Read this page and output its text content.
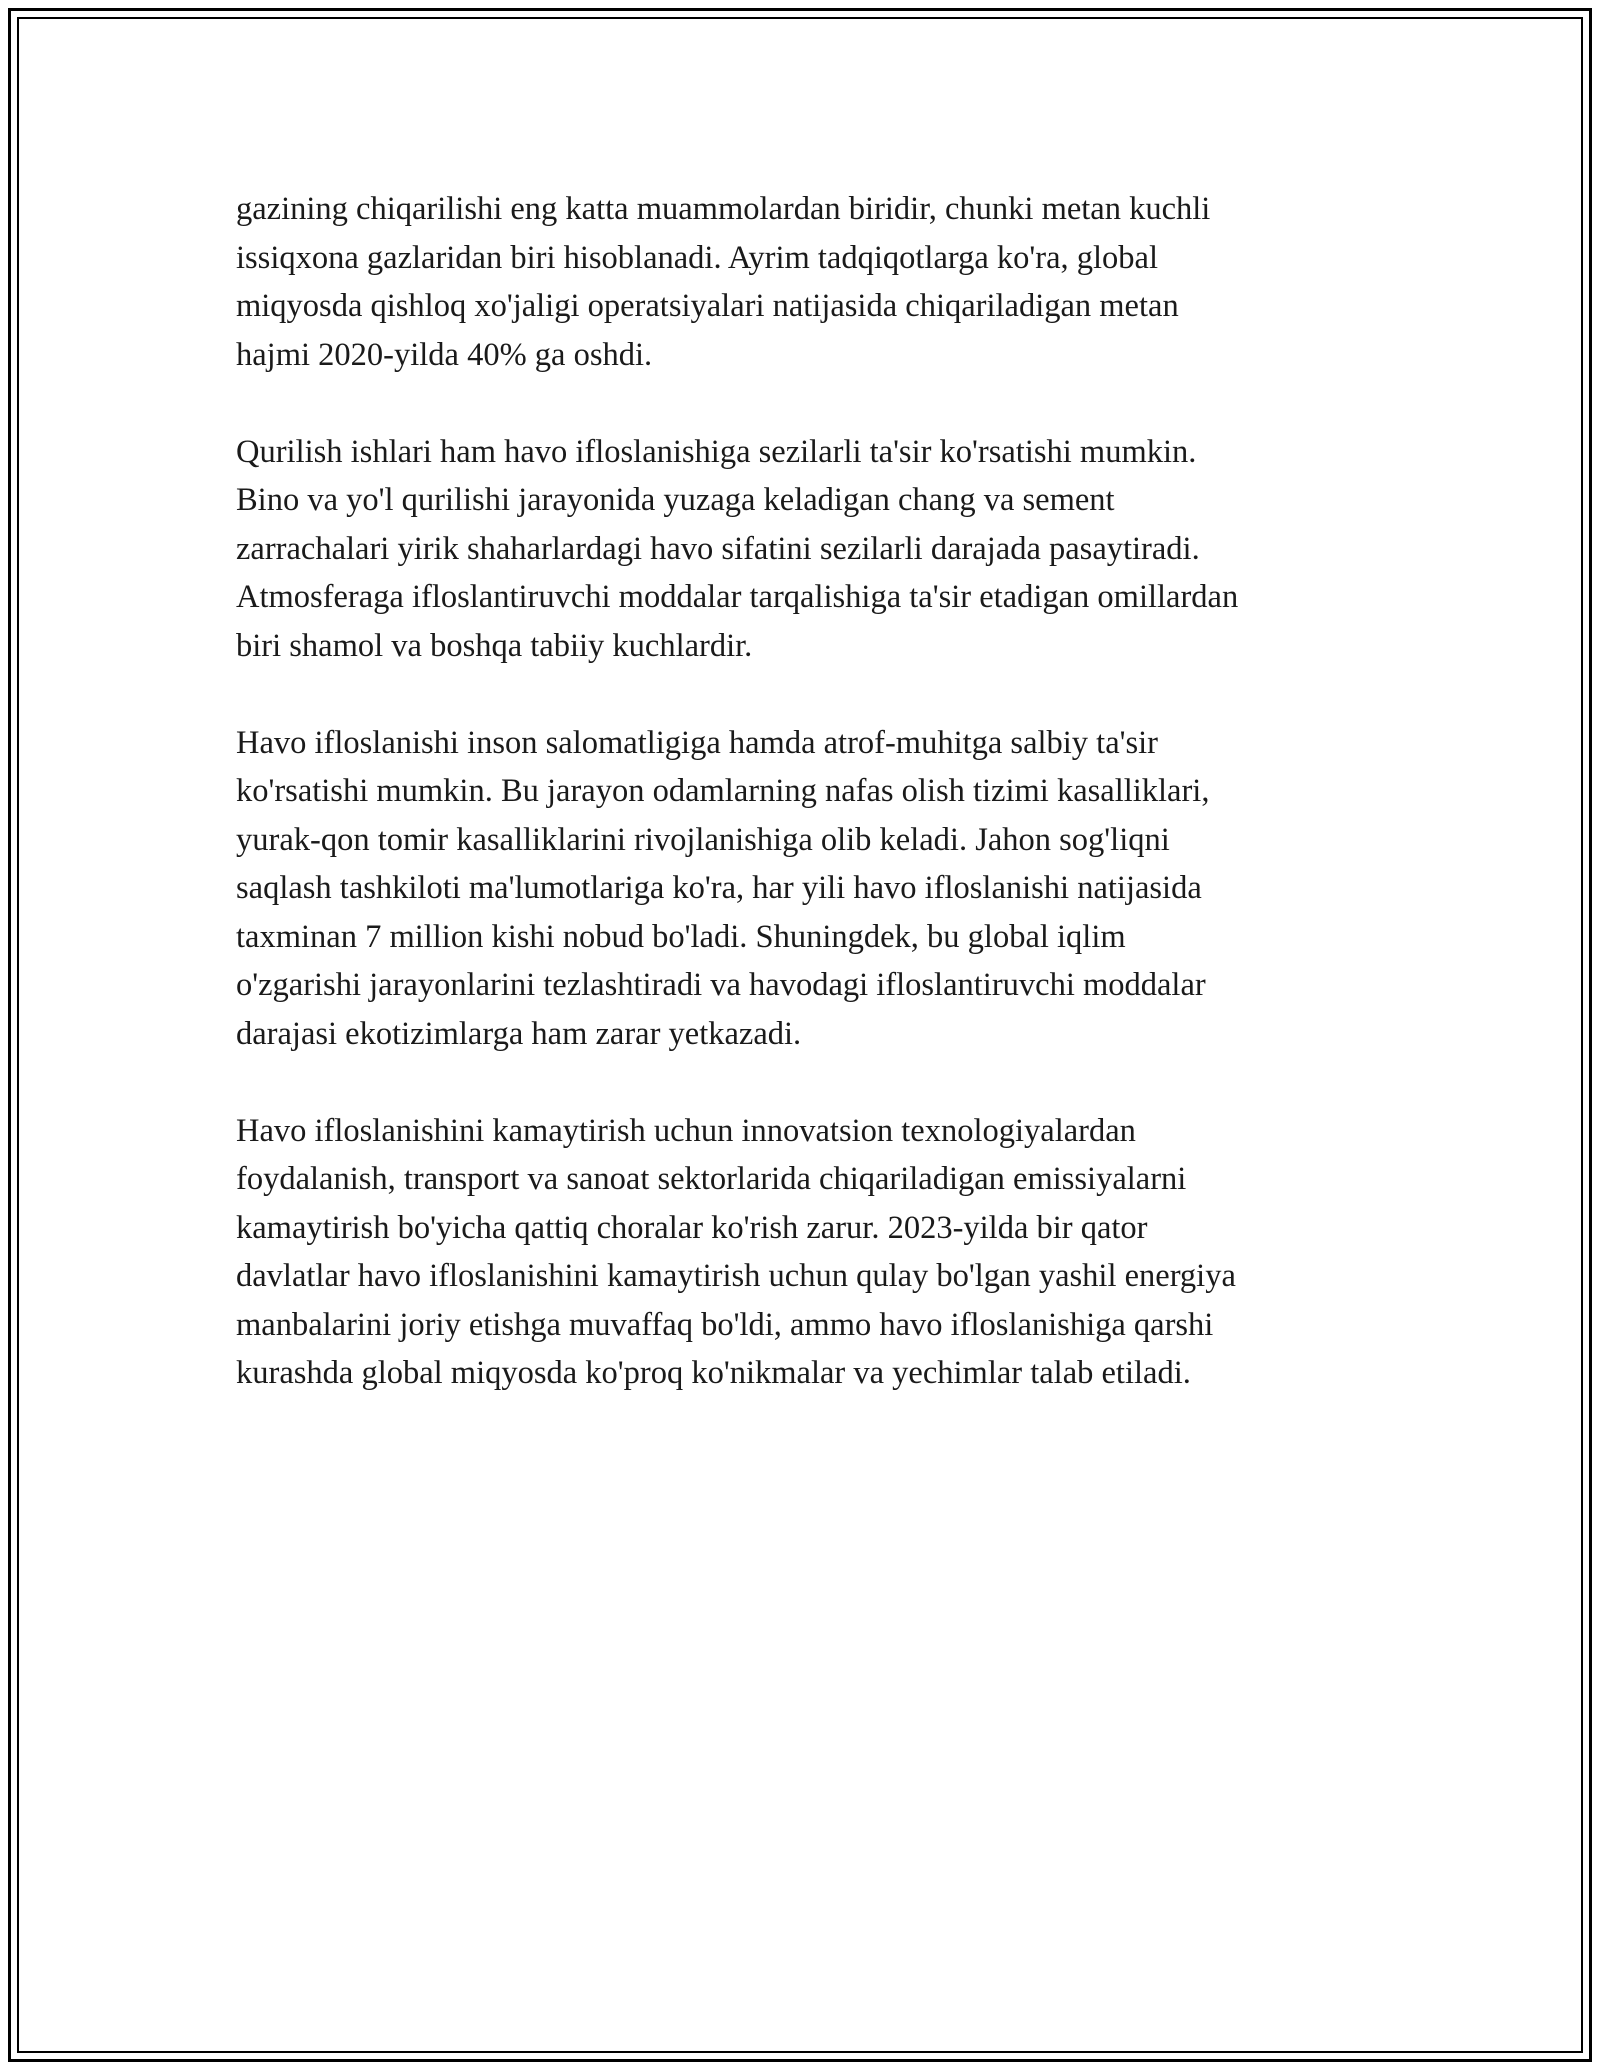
gazining chiqarilishi eng katta muammolardan biridir, chunki metan kuchli
issiqxona gazlaridan biri hisoblanadi. Ayrim tadqiqotlarga ko'ra, global
miqyosda qishloq xo'jaligi operatsiyalari natijasida chiqariladigan metan
hajmi 2020-yilda 40% ga oshdi.

Qurilish ishlari ham havo ifloslanishiga sezilarli ta'sir ko'rsatishi mumkin.
Bino va yo'l qurilishi jarayonida yuzaga keladigan chang va sement
zarrachalari yirik shaharlardagi havo sifatini sezilarli darajada pasaytiradi.
Atmosferaga ifloslantiruvchi moddalar tarqalishiga ta'sir etadigan omillardan
biri shamol va boshqa tabiiy kuchlardir.

Havo ifloslanishi inson salomatligiga hamda atrof-muhitga salbiy ta'sir
ko'rsatishi mumkin. Bu jarayon odamlarning nafas olish tizimi kasalliklari,
yurak-qon tomir kasalliklarini rivojlanishiga olib keladi. Jahon sog'liqni
saqlash tashkiloti ma'lumotlariga ko'ra, har yili havo ifloslanishi natijasida
taxminan 7 million kishi nobud bo'ladi. Shuningdek, bu global iqlim
o'zgarishi jarayonlarini tezlashtiradi va havodagi ifloslantiruvchi moddalar
darajasi ekotizimlarga ham zarar yetkazadi.

Havo ifloslanishini kamaytirish uchun innovatsion texnologiyalardan
foydalanish, transport va sanoat sektorlarida chiqariladigan emissiyalarni
kamaytirish bo'yicha qattiq choralar ko'rish zarur. 2023-yilda bir qator
davlatlar havo ifloslanishini kamaytirish uchun qulay bo'lgan yashil energiya
manbalarini joriy etishga muvaffaq bo'ldi, ammo havo ifloslanishiga qarshi
kurashda global miqyosda ko'proq ko'nikmalar va yechimlar talab etiladi.
